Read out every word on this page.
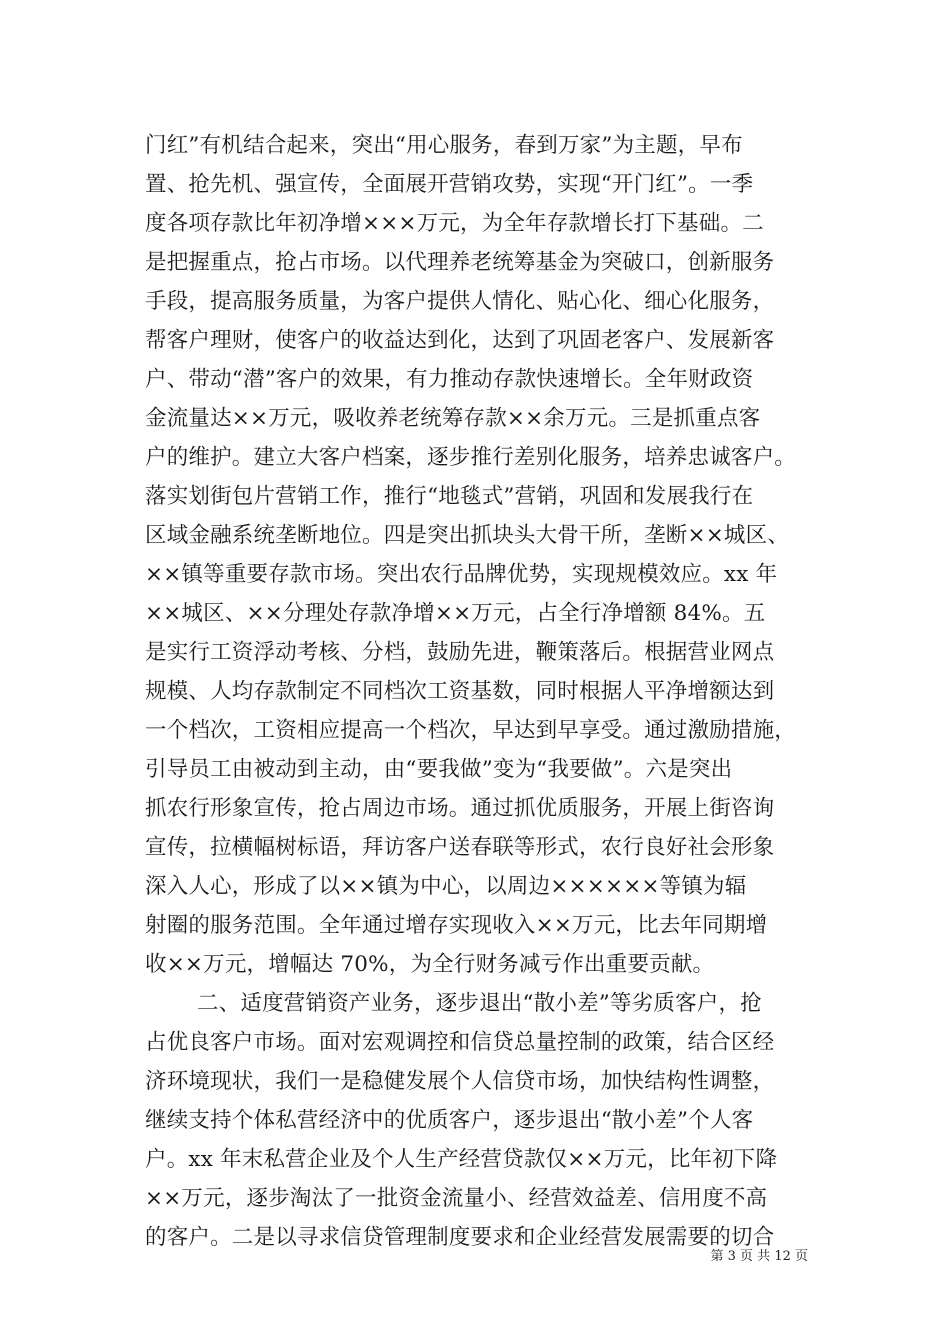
门红”有机结合起来，突出“用心服务，春到万家”为主题，早布
置、抢先机、强宣传，全面展开营销攻势，实现“开门红”。一季
度各项存款比年初净增×××万元，为全年存款增长打下基础。二
是把握重点，抢占市场。以代理养老统筹基金为突破口，创新服务
手段，提高服务质量，为客户提供人情化、贴心化、细心化服务，
帮客户理财，使客户的收益达到化，达到了巩固老客户、发展新客
户、带动“潜”客户的效果，有力推动存款快速增长。全年财政资
金流量达××万元，吸收养老统筹存款××余万元。三是抓重点客
户的维护。建立大客户档案，逐步推行差别化服务，培养忠诚客户。
落实划街包片营销工作，推行“地毯式”营销，巩固和发展我行在
区域金融系统垄断地位。四是突出抓块头大骨干所，垄断××城区、
××镇等重要存款市场。突出农行品牌优势，实现规模效应。xx 年
××城区、××分理处存款净增××万元，占全行净增额 84%。五
是实行工资浮动考核、分档，鼓励先进，鞭策落后。根据营业网点
规模、人均存款制定不同档次工资基数，同时根据人平净增额达到
一个档次，工资相应提高一个档次，早达到早享受。通过激励措施，
引导员工由被动到主动，由“要我做”变为“我要做”。六是突出
抓农行形象宣传，抢占周边市场。通过抓优质服务，开展上街咨询
宣传，拉横幅树标语，拜访客户送春联等形式，农行良好社会形象
深入人心，形成了以××镇为中心，以周边××××××等镇为辐
射圈的服务范围。全年通过增存实现收入××万元，比去年同期增
收××万元，增幅达 70%，为全行财务减亏作出重要贡献。
二、适度营销资产业务，逐步退出“散小差”等劣质客户，抢
占优良客户市场。面对宏观调控和信贷总量控制的政策，结合区经
济环境现状，我们一是稳健发展个人信贷市场，加快结构性调整，
继续支持个体私营经济中的优质客户，逐步退出“散小差”个人客
户。xx 年末私营企业及个人生产经营贷款仅××万元，比年初下降
××万元，逐步淘汰了一批资金流量小、经营效益差、信用度不高
的客户。二是以寻求信贷管理制度要求和企业经营发展需要的切合
第 3 页 共 12 页
